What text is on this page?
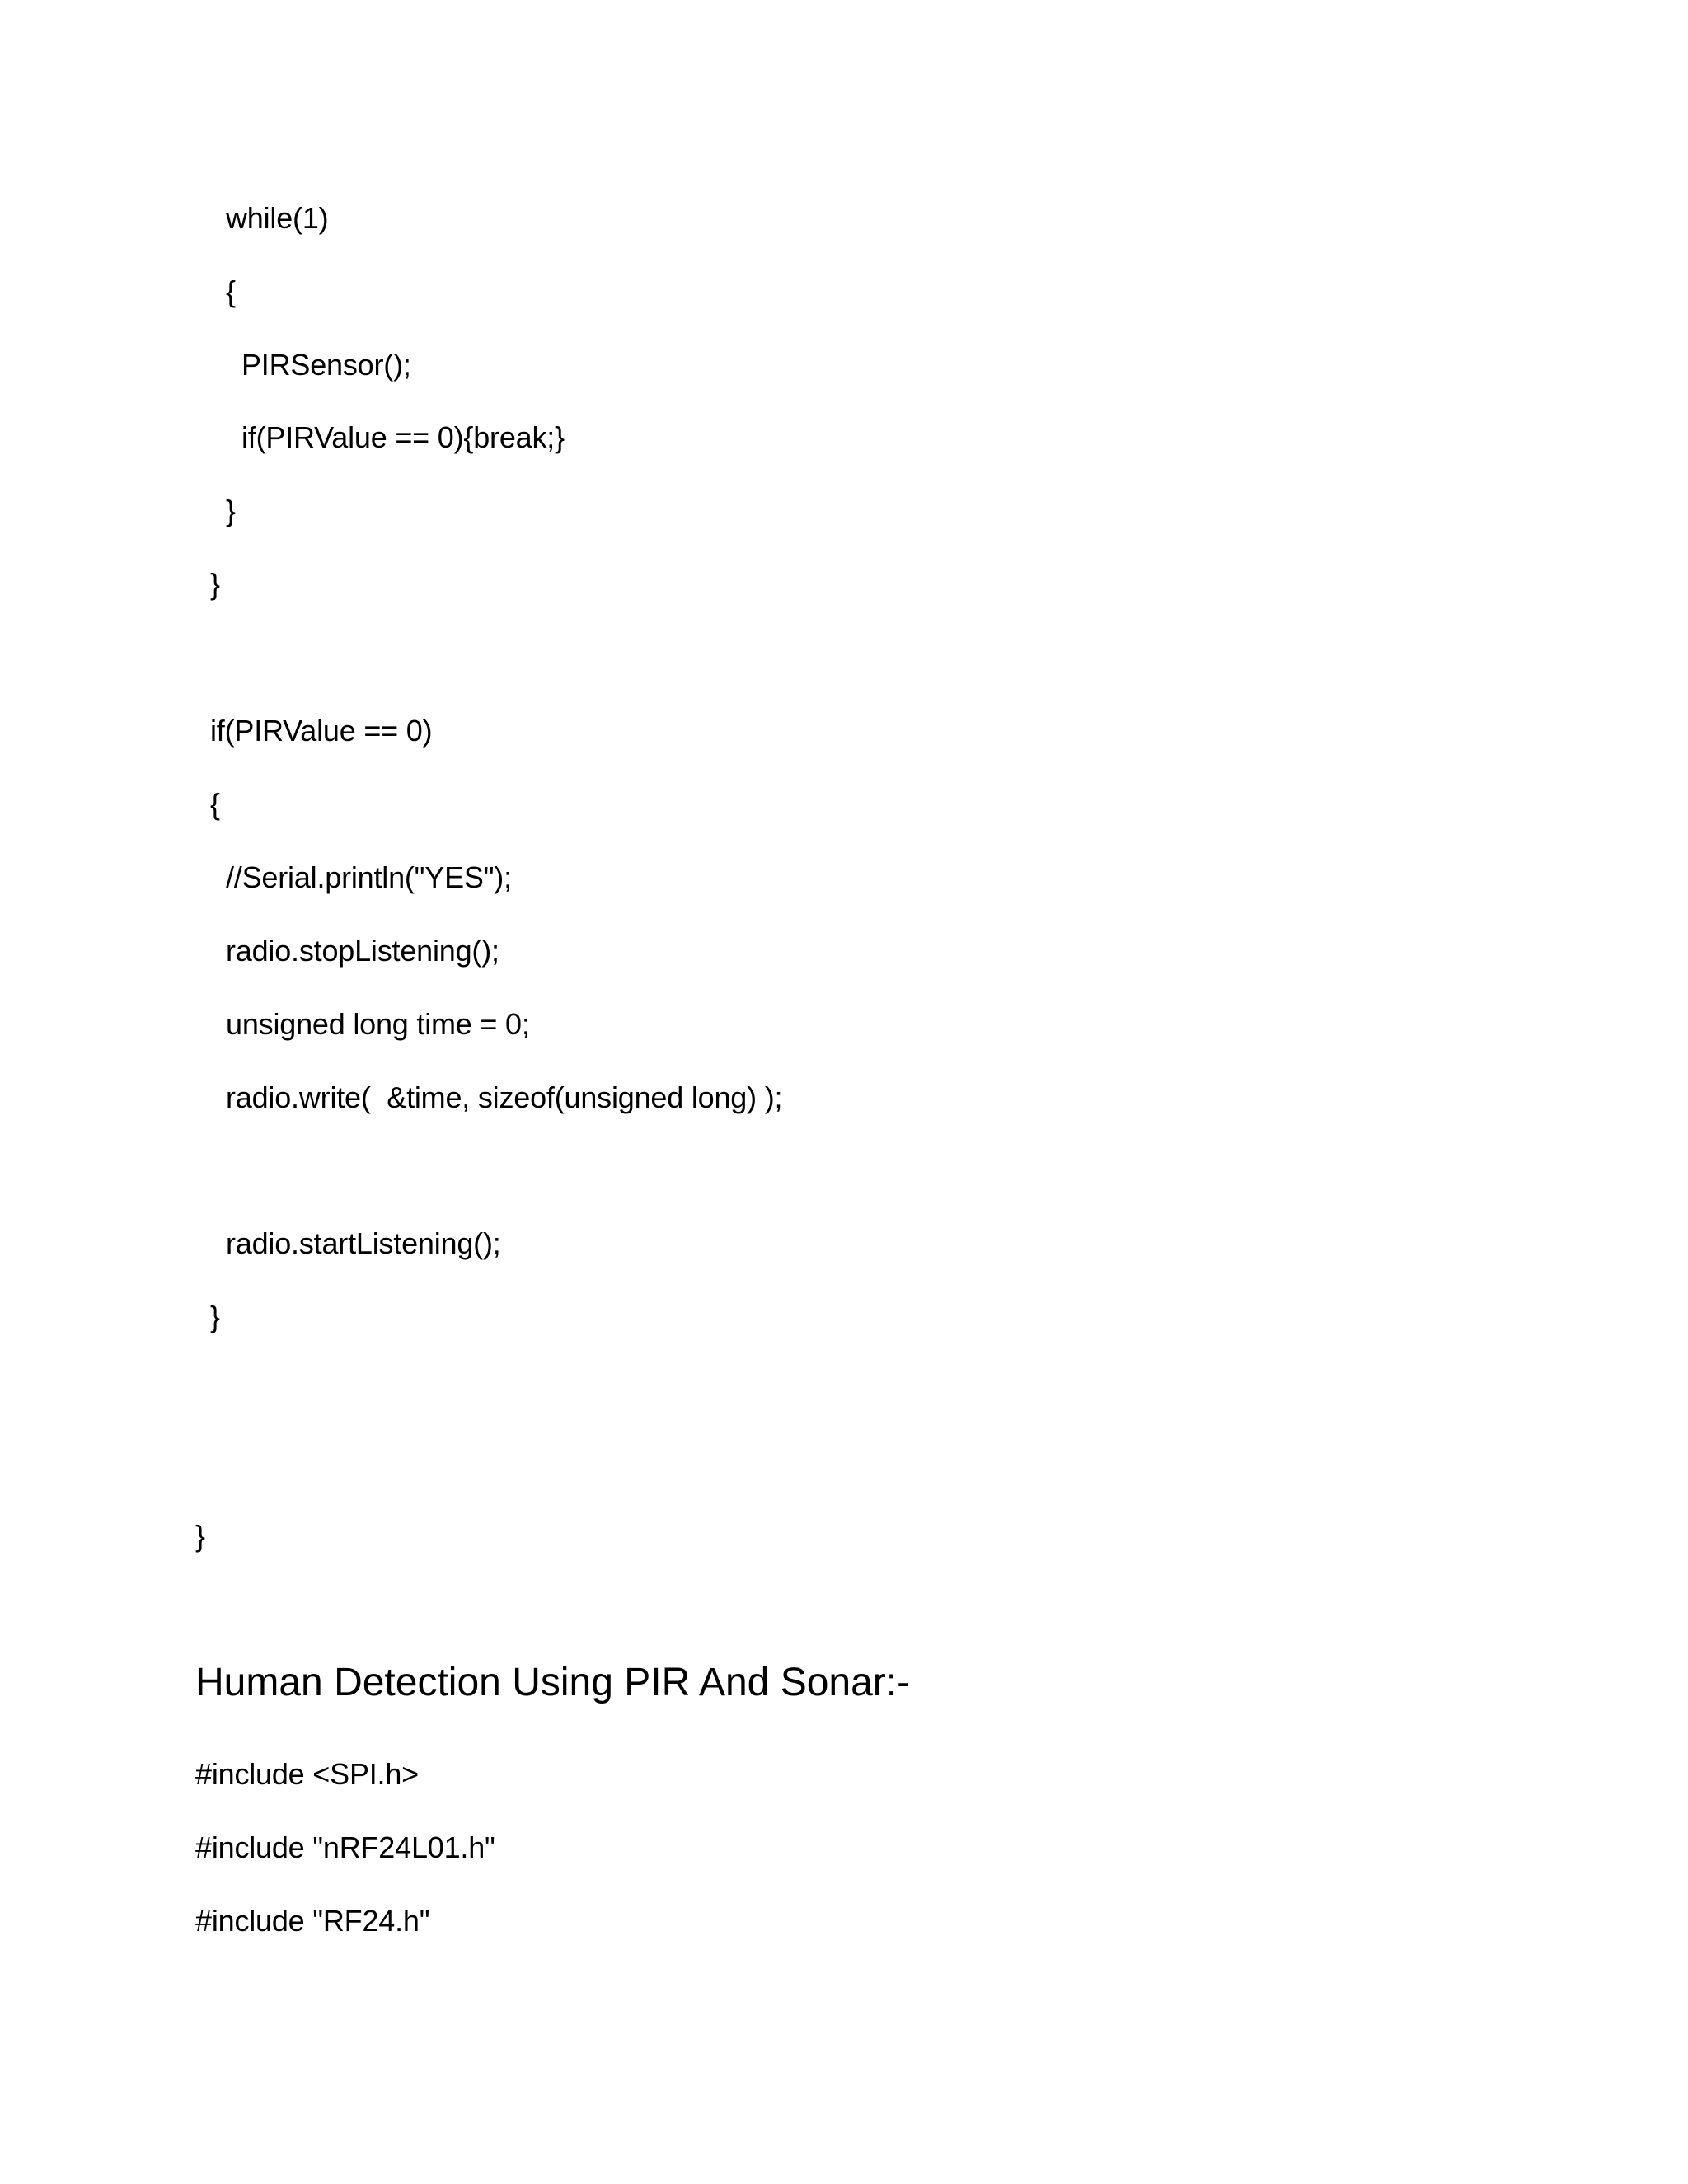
while(1)
{
PIRSensor();
if(PIRValue == 0){break;}
}
}
if(PIRValue == 0)
{
//Serial.println("YES");
radio.stopListening();
unsigned long time = 0;
radio.write(  &time, sizeof(unsigned long) );
radio.startListening();
}
}
Human Detection Using PIR And Sonar:-
#include <SPI.h>
#include "nRF24L01.h"
#include "RF24.h"
